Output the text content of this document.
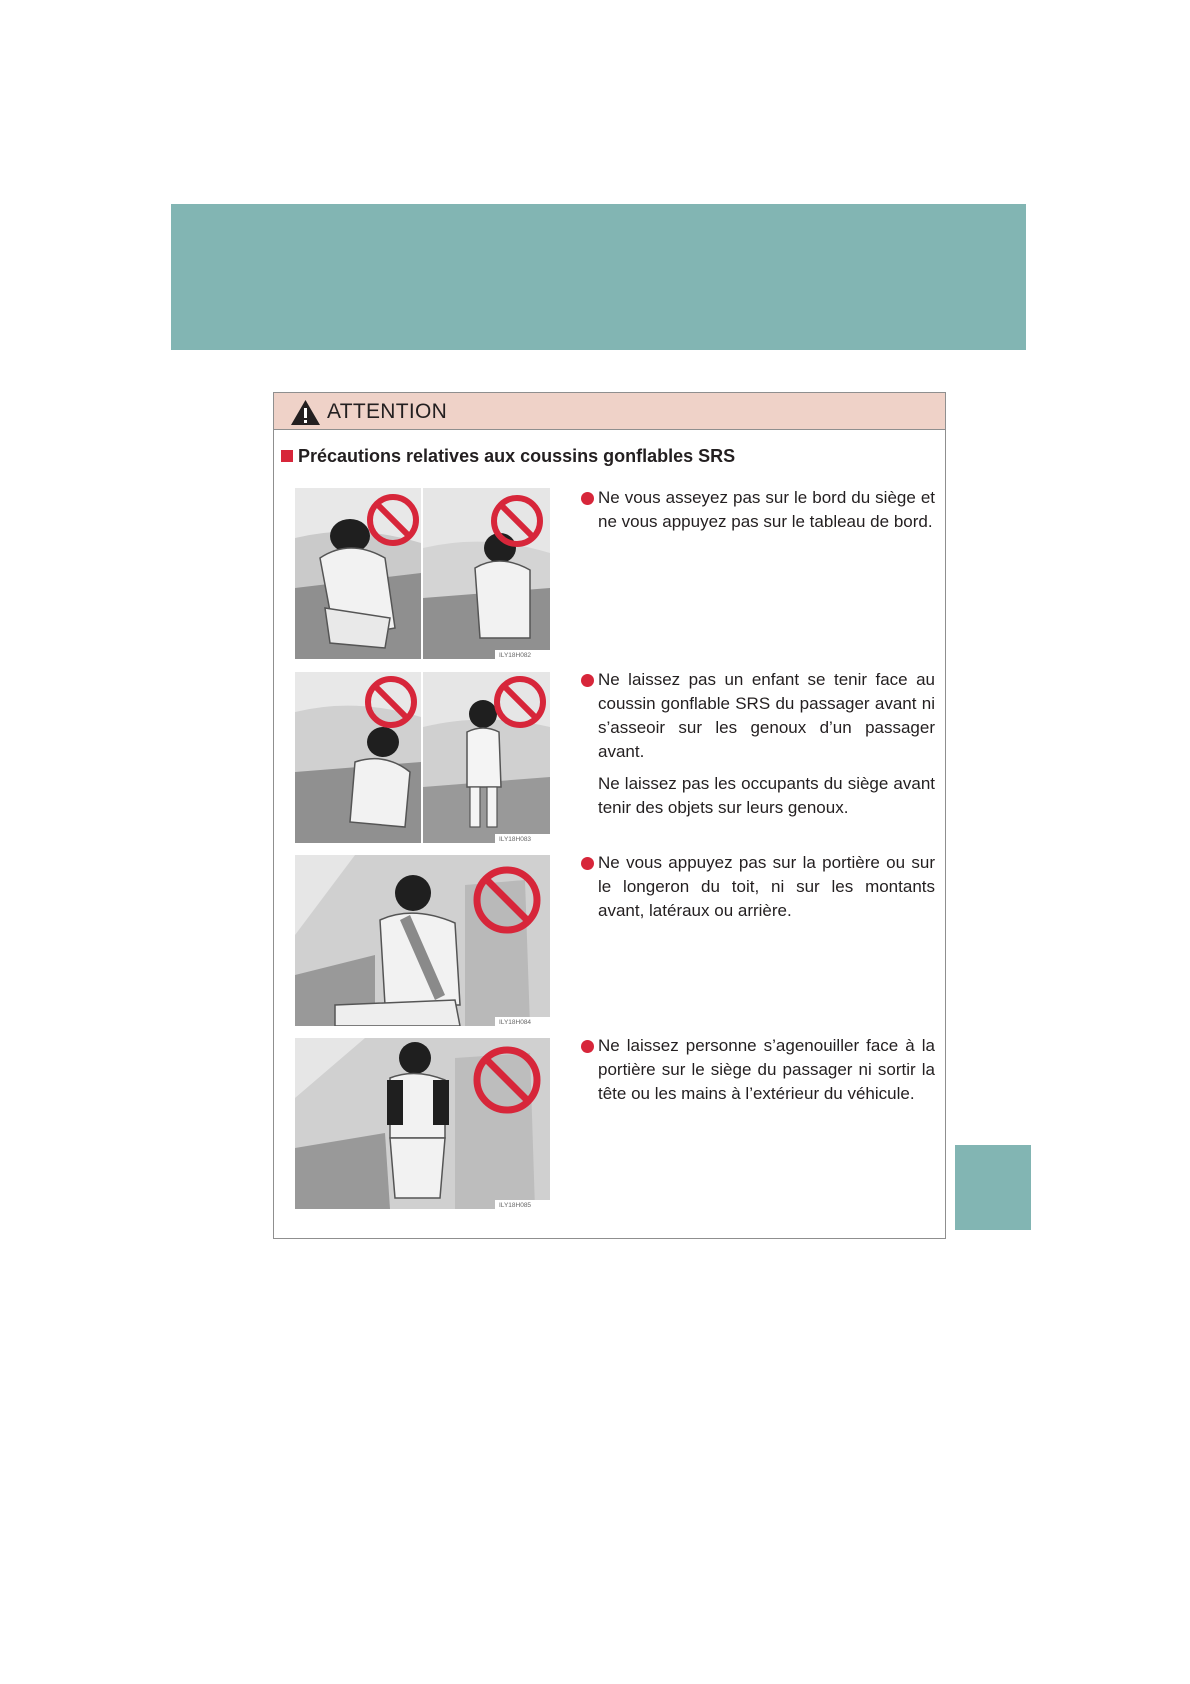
ATTENTION
Précautions relatives aux coussins gonflables SRS
ILY18H082

Ne vous asseyez pas sur le bord du siège et ne vous appuyez pas sur le tableau de bord.

ILY18H083

Ne laissez pas un enfant se tenir face au coussin gonflable SRS du passager avant ni s’asseoir sur les genoux d’un passager avant.

Ne laissez pas les occupants du siège avant tenir des objets sur leurs genoux.

ILY18H084

Ne vous appuyez pas sur la portière ou sur le longeron du toit, ni sur les montants avant, latéraux ou arrière.

ILY18H085

Ne laissez personne s’agenouiller face à la portière sur le siège du passager ni sortir la tête ou les mains à l’extérieur du véhicule.
